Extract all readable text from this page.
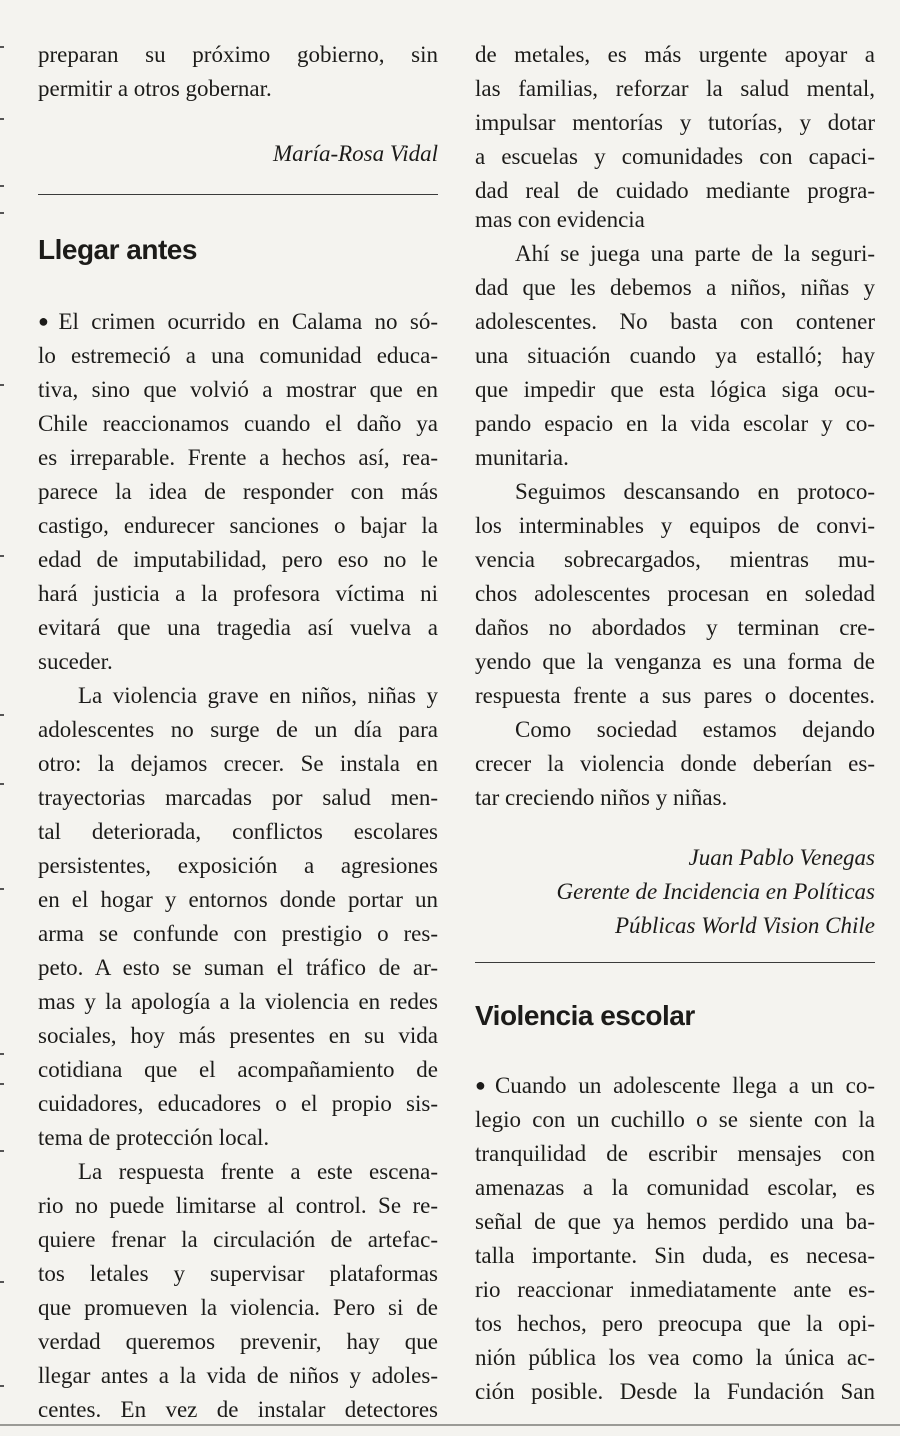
preparan su próximo gobierno, sin
permitir a otros gobernar.
María-Rosa Vidal
Llegar antes
● El crimen ocurrido en Calama no só-
lo estremeció a una comunidad educa-
tiva, sino que volvió a mostrar que en
Chile reaccionamos cuando el daño ya
es irreparable. Frente a hechos así, rea-
parece la idea de responder con más
castigo, endurecer sanciones o bajar la
edad de imputabilidad, pero eso no le
hará justicia a la profesora víctima ni
evitará que una tragedia así vuelva a
suceder.
La violencia grave en niños, niñas y
adolescentes no surge de un día para
otro: la dejamos crecer. Se instala en
trayectorias marcadas por salud men-
tal deteriorada, conflictos escolares
persistentes, exposición a agresiones
en el hogar y entornos donde portar un
arma se confunde con prestigio o res-
peto. A esto se suman el tráfico de ar-
mas y la apología a la violencia en redes
sociales, hoy más presentes en su vida
cotidiana que el acompañamiento de
cuidadores, educadores o el propio sis-
tema de protección local.
La respuesta frente a este escena-
rio no puede limitarse al control. Se re-
quiere frenar la circulación de artefac-
tos letales y supervisar plataformas
que promueven la violencia. Pero si de
verdad queremos prevenir, hay que
llegar antes a la vida de niños y adoles-
centes. En vez de instalar detectores
de metales, es más urgente apoyar a
las familias, reforzar la salud mental,
impulsar mentorías y tutorías, y dotar
a escuelas y comunidades con capaci-
dad real de cuidado mediante progra-
mas con evidencia
Ahí se juega una parte de la seguri-
dad que les debemos a niños, niñas y
adolescentes. No basta con contener
una situación cuando ya estalló; hay
que impedir que esta lógica siga ocu-
pando espacio en la vida escolar y co-
munitaria.
Seguimos descansando en protoco-
los interminables y equipos de convi-
vencia sobrecargados, mientras mu-
chos adolescentes procesan en soledad
daños no abordados y terminan cre-
yendo que la venganza es una forma de
respuesta frente a sus pares o docentes.
Como sociedad estamos dejando
crecer la violencia donde deberían es-
tar creciendo niños y niñas.
Juan Pablo Venegas
Gerente de Incidencia en Políticas
Públicas World Vision Chile
Violencia escolar
● Cuando un adolescente llega a un co-
legio con un cuchillo o se siente con la
tranquilidad de escribir mensajes con
amenazas a la comunidad escolar, es
señal de que ya hemos perdido una ba-
talla importante. Sin duda, es necesa-
rio reaccionar inmediatamente ante es-
tos hechos, pero preocupa que la opi-
nión pública los vea como la única ac-
ción posible. Desde la Fundación San
